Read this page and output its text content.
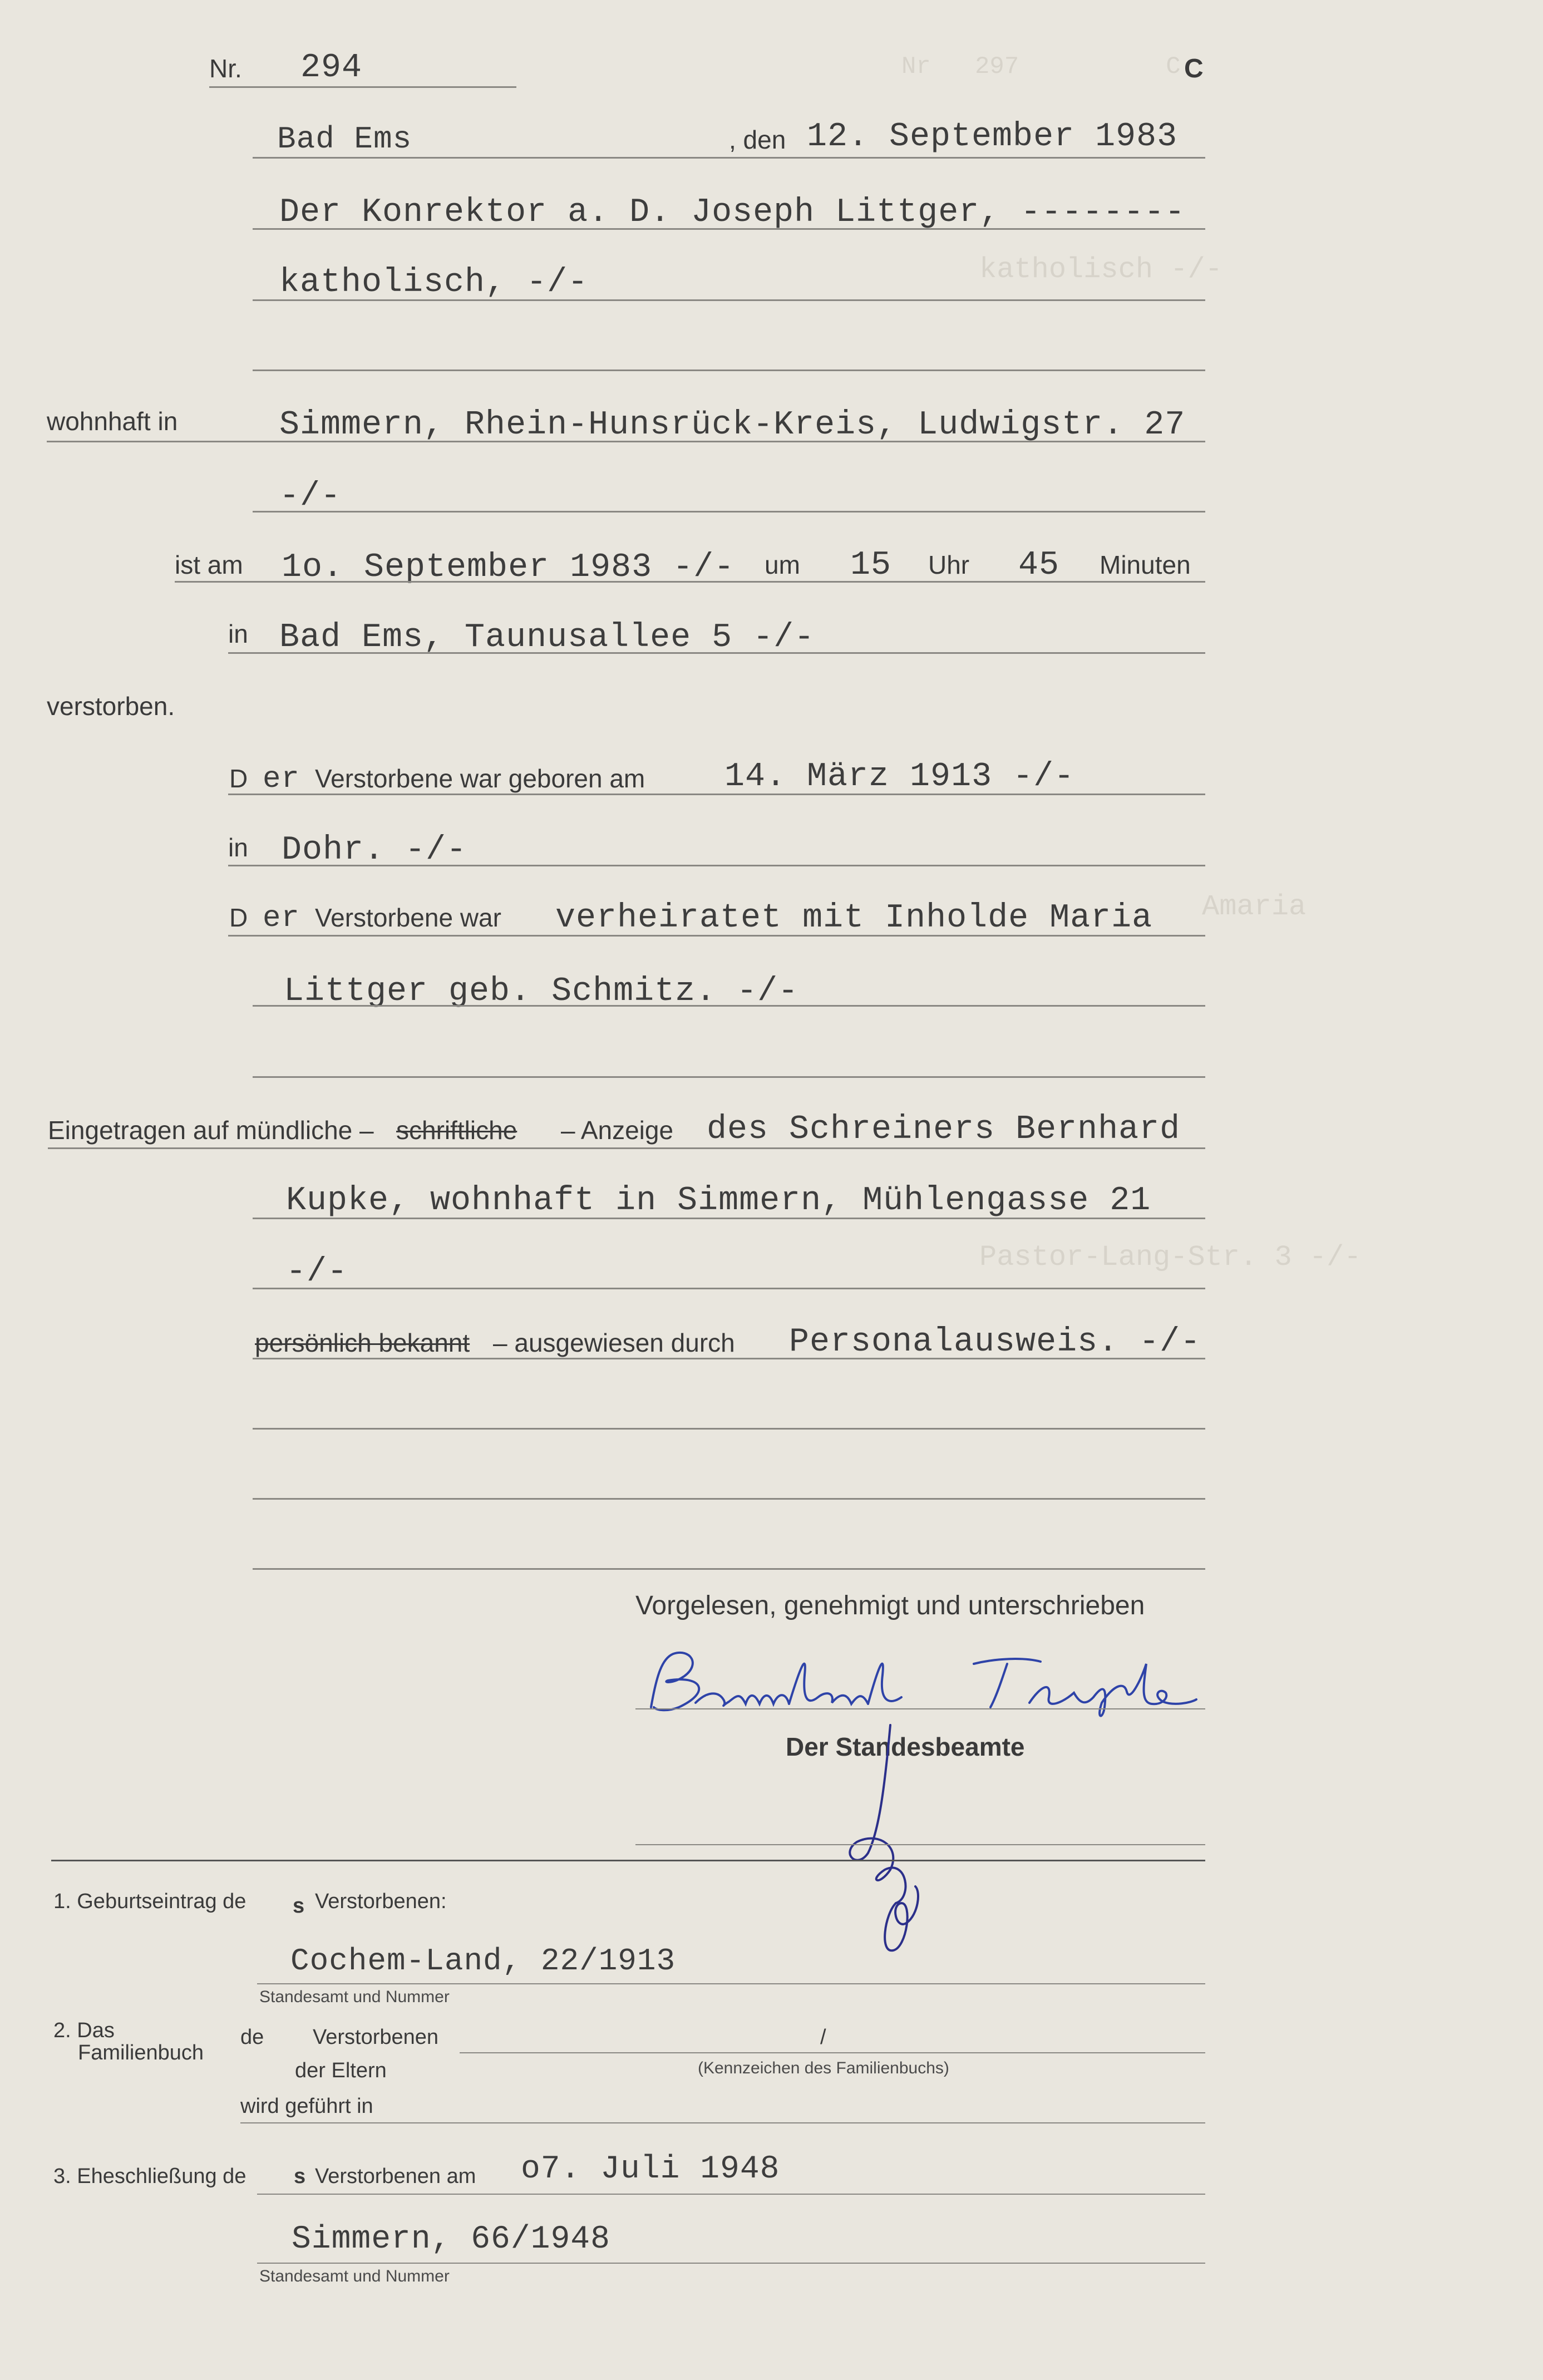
Nr   297          C
katholisch -/-
Amaria
Pastor-Lang-Str. 3 -/-
Nr. 294	C
Bad Ems	, den 12. September 1983
Der Konrektor a. D. Joseph Littger, --------
katholisch, -/-
wohnhaft in	Simmern, Rhein-Hunsrück-Kreis, Ludwigstr. 27
-/-
ist am 1o. September 1983 -/- um 15 Uhr 45 Minuten
in Bad Ems, Taunusallee 5 -/-
verstorben.
D er Verstorbene war geboren am 14. März 1913 -/-
in Dohr. -/-
D er Verstorbene war verheiratet mit Inholde Maria
Littger geb. Schmitz. -/-
Eingetragen auf mündliche – schriftliche – Anzeige des Schreiners Bernhard
Kupke, wohnhaft in Simmern, Mühlengasse 21
-/-
persönlich bekannt – ausgewiesen durch Personalausweis. -/-
Vorgelesen, genehmigt und unterschrieben
Der Standesbeamte
1. Geburtseintrag de s Verstorbenen:
Cochem-Land, 22/1913
Standesamt und Nummer
2. Das
Familienbuch
de Verstorbenen
der Eltern
/
(Kennzeichen des Familienbuchs)
wird geführt in
3. Eheschließung de s Verstorbenen am o7. Juli 1948
Simmern, 66/1948
Standesamt und Nummer
